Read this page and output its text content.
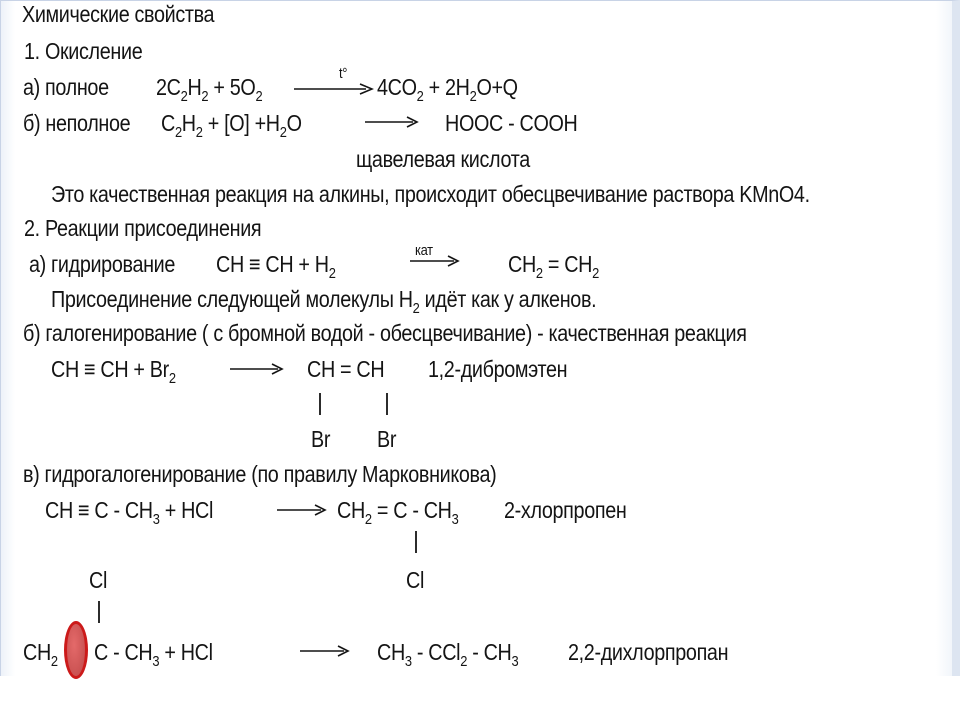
Химические свойства
1. Окисление
а) полное $2C_2H_2 + 5O_2$
t°
$4CO_2 + 2H_2O+Q$
б) неполное $C_2H_2 + [O] +H_2O$	HOOC - COOH
щавелевая кислота
Это качественная реакция на алкины, происходит обесцвечивание раствора KMnO4.
2. Реакции присоединения
а) гидрирование CH ≡ CH + $H_2$
кат
$CH_2 = CH_2$
Присоединение следующей молекулы $H_2$ идёт как у алкенов.
б) галогенирование ( с бромной водой - обесцвечивание) - качественная реакция
CH ≡ CH + $Br_2$ → CH = CH 1,2-дибромэтен
Br Br
в) гидрогалогенирование (по правилу Марковникова)
CH ≡ C - $CH_3$ + HCl	→ $CH_2 = C - CH_3$ 2-хлорпропен
Cl
Cl
$CH_2$ C - $CH_3$ + HCl	$CH_3 - CCl_2 - CH_3$ 2,2-дихлорпропан
